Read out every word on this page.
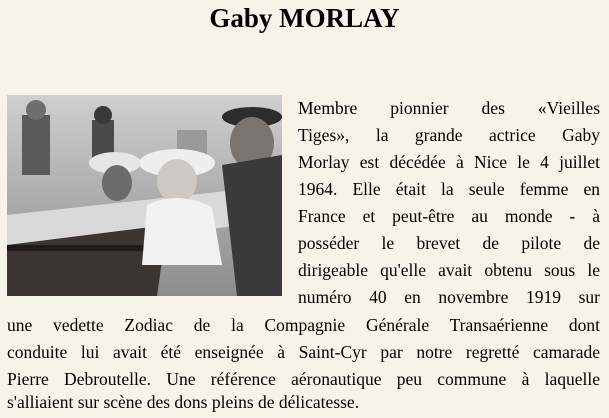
Gaby MORLAY
Membre pionnier des «Vieilles
Tiges», la grande actrice Gaby
Morlay est décédée à Nice le 4 juillet
1964. Elle était la seule femme en
France et peut-être au monde - à
posséder le brevet de pilote de
dirigeable qu'elle avait obtenu sous le
numéro 40 en novembre 1919 sur
une vedette Zodiac de la Compagnie Générale Transaérienne dont
conduite lui avait été enseignée à Saint-Cyr par notre regretté camarade
Pierre Debroutelle. Une référence aéronautique peu commune à laquelle
s'alliaient sur scène des dons pleins de délicatesse.
